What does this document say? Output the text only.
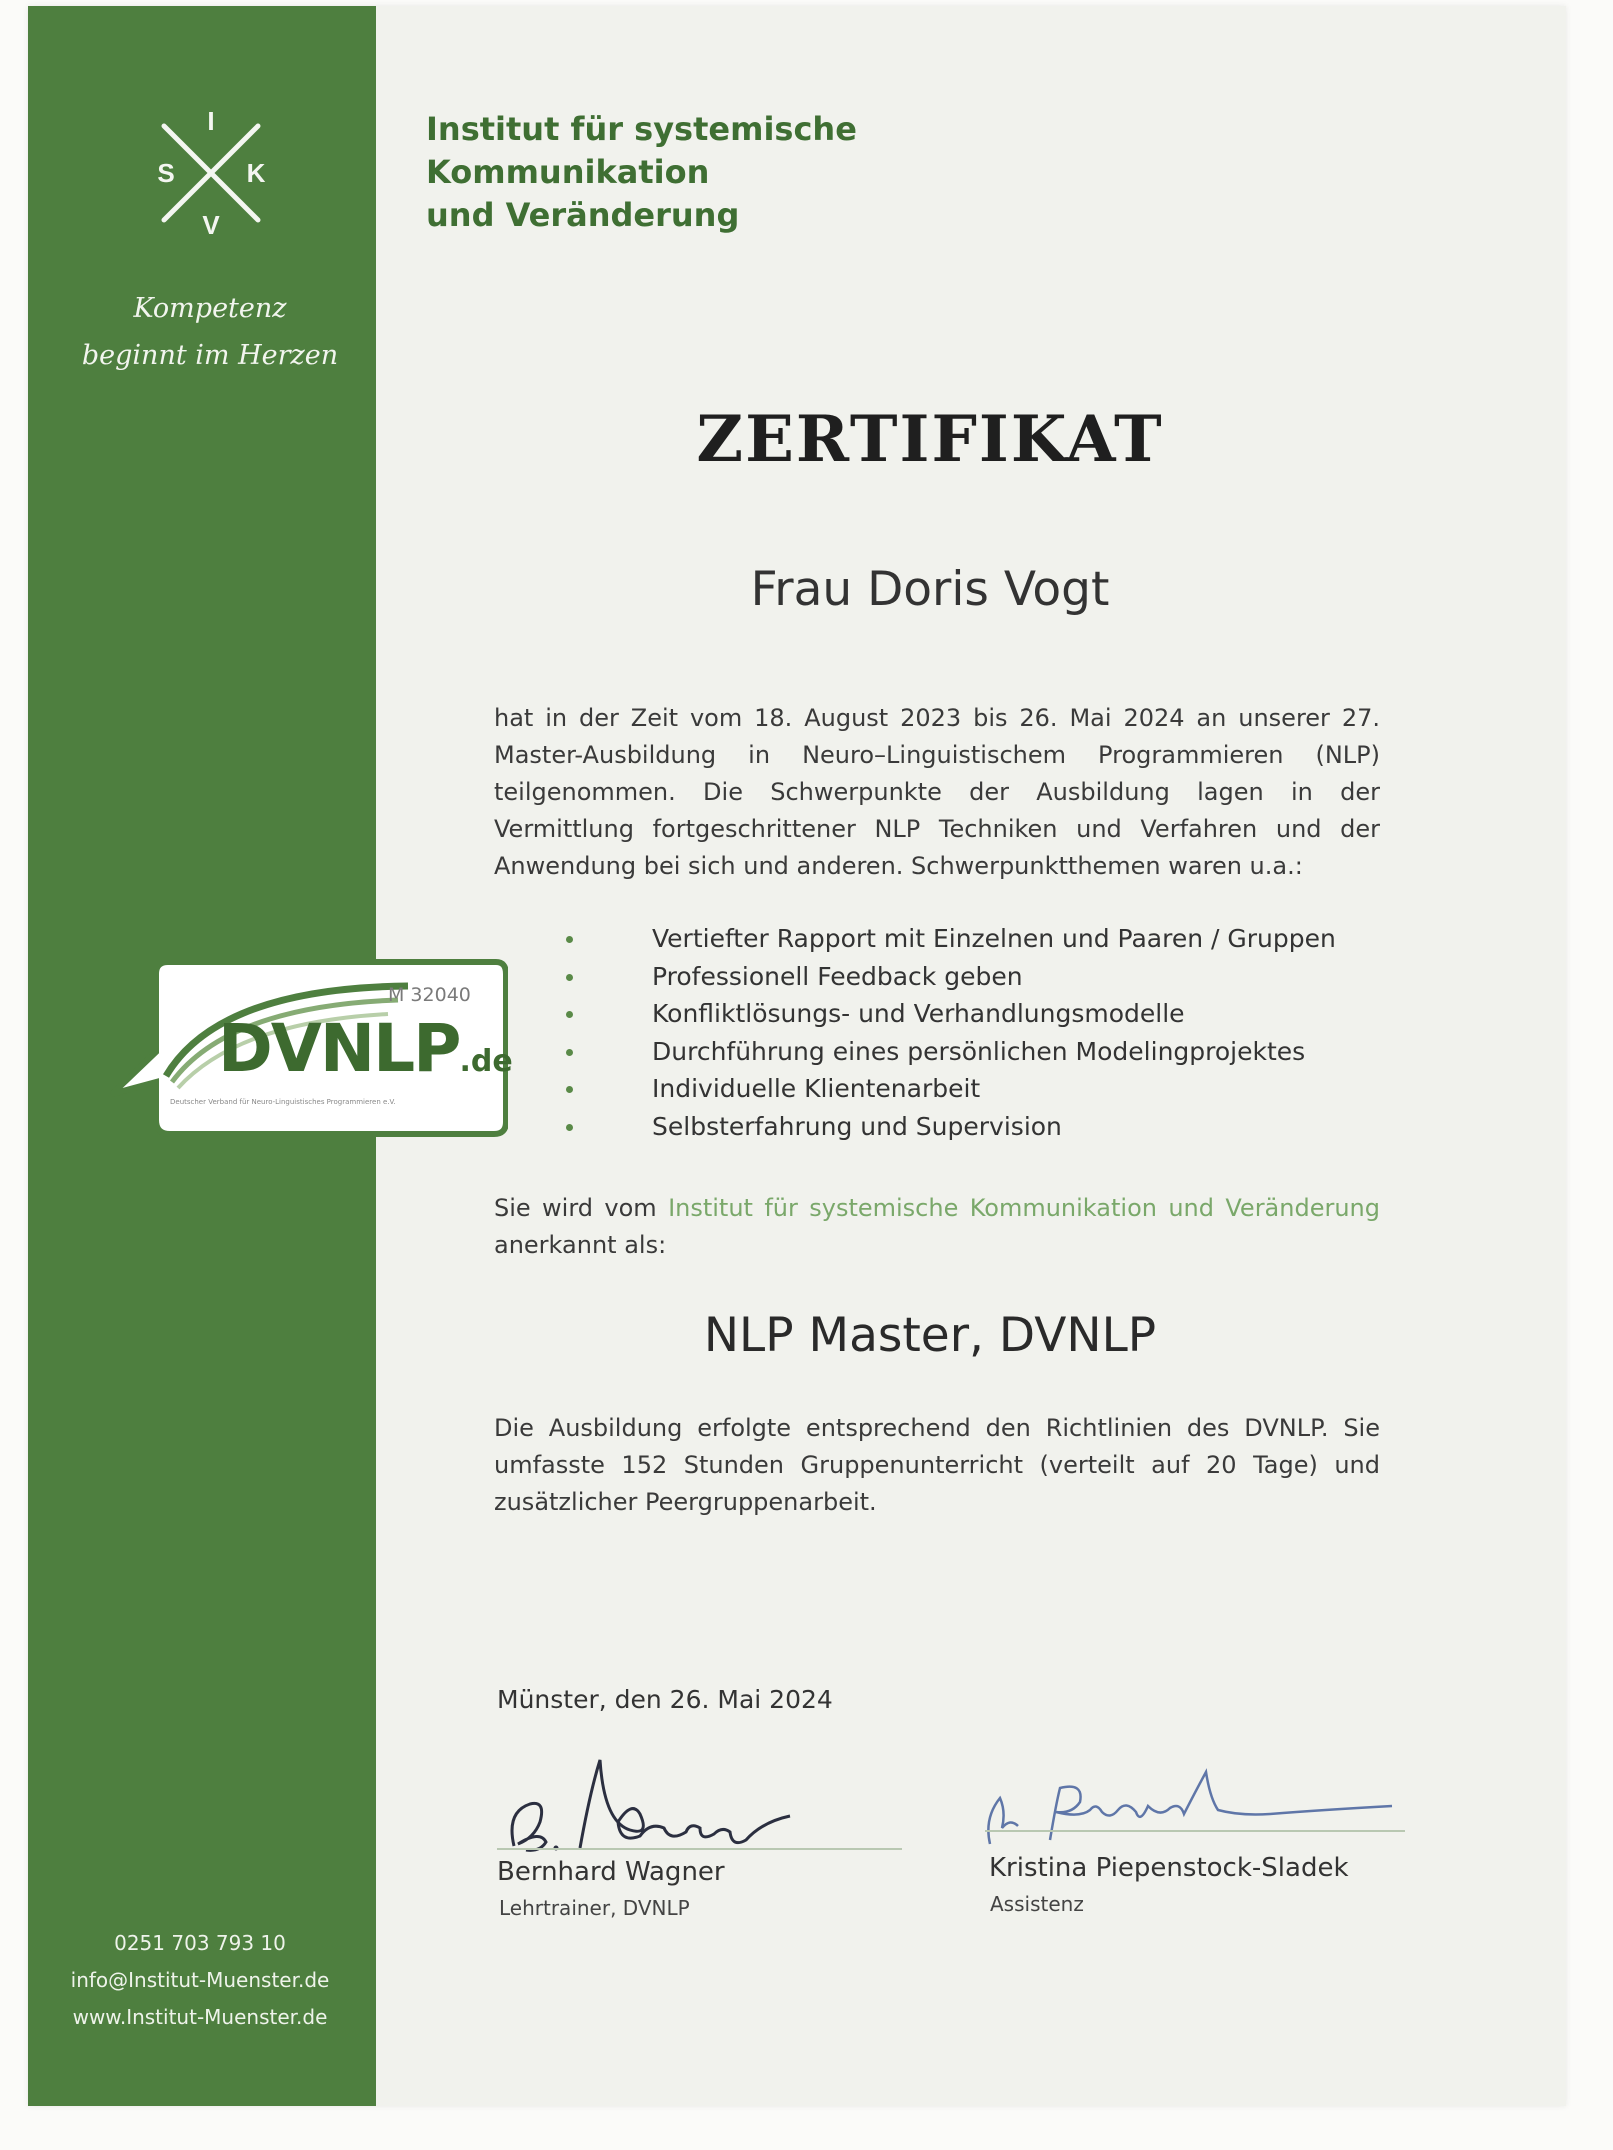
I
S	K
V
Kompetenz
beginnt im Herzen
M 32040
DVNLP.de
Deutscher Verband für Neuro-Linguistisches Programmieren e.V.
0251 703 793 10
info@Institut-Muenster.de
www.Institut-Muenster.de
Institut für systemische
Kommunikation
und Veränderung
ZERTIFIKAT
Frau Doris Vogt
hat in der Zeit vom 18. August 2023 bis 26. Mai 2024 an unserer 27. Master-Ausbildung in Neuro–Linguistischem Programmieren (NLP) teilgenommen. Die Schwerpunkte der Ausbildung lagen in der Vermittlung fortgeschrittener NLP Techniken und Verfahren und der Anwendung bei sich und anderen. Schwerpunktthemen waren u.a.:
Vertiefter Rapport mit Einzelnen und Paaren / Gruppen
Professionell Feedback geben
Konfliktlösungs- und Verhandlungsmodelle
Durchführung eines persönlichen Modelingprojektes
Individuelle Klientenarbeit
Selbsterfahrung und Supervision
Sie wird vom Institut für systemische Kommunikation und Veränderung anerkannt als:
NLP Master, DVNLP
Die Ausbildung erfolgte entsprechend den Richtlinien des DVNLP. Sie umfasste 152 Stunden Gruppenunterricht (verteilt auf 20 Tage) und zusätzlicher Peergruppenarbeit.
Münster, den 26. Mai 2024
Bernhard Wagner
Lehrtrainer, DVNLP
Kristina Piepenstock-Sladek
Assistenz
